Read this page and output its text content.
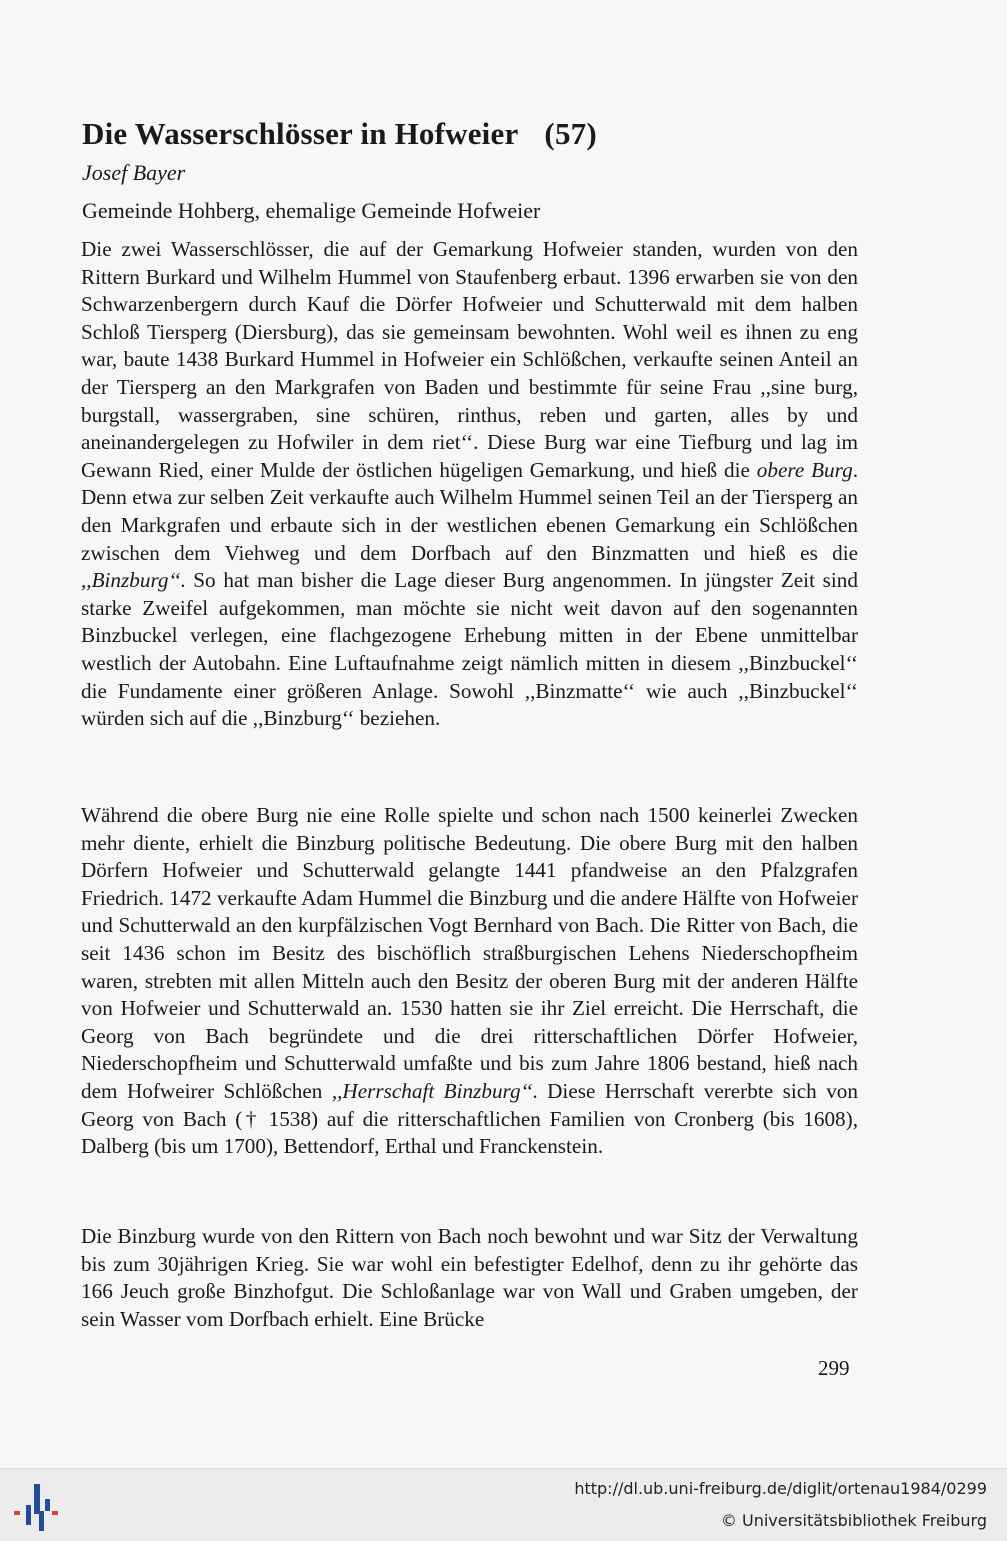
Die Wasserschlösser in Hofweier (57)
Josef Bayer
Gemeinde Hohberg, ehemalige Gemeinde Hofweier

Die zwei Wasserschlösser, die auf der Gemarkung Hofweier standen, wurden von den Rittern Burkard und Wilhelm Hummel von Staufenberg erbaut. 1396 erwarben sie von den Schwarzenbergern durch Kauf die Dörfer Hofweier und Schutterwald mit dem halben Schloß Tiersperg (Diersburg), das sie gemeinsam bewohnten. Wohl weil es ihnen zu eng war, baute 1438 Burkard Hummel in Hofweier ein Schlößchen, verkaufte seinen Anteil an der Tiersperg an den Markgrafen von Baden und bestimmte für seine Frau ,,sine burg, burgstall, wassergraben, sine schüren, rinthus, reben und garten, alles by und aneinandergelegen zu Hofwiler in dem riet‘‘. Diese Burg war eine Tiefburg und lag im Gewann Ried, einer Mulde der östlichen hügeligen Gemarkung, und hieß die obere Burg. Denn etwa zur selben Zeit verkaufte auch Wilhelm Hummel seinen Teil an der Tiersperg an den Markgrafen und erbaute sich in der westlichen ebenen Gemarkung ein Schlößchen zwischen dem Viehweg und dem Dorfbach auf den Binzmatten und hieß es die ,,Binzburg‘‘. So hat man bisher die Lage dieser Burg angenommen. In jüngster Zeit sind starke Zweifel aufgekommen, man möchte sie nicht weit davon auf den sogenannten Binzbuckel verlegen, eine flachgezogene Erhebung mitten in der Ebene unmittelbar westlich der Autobahn. Eine Luftaufnahme zeigt nämlich mitten in diesem ,,Binzbuckel‘‘ die Fundamente einer größeren Anlage. Sowohl ,,Binzmatte‘‘ wie auch ,,Binzbuckel‘‘ würden sich auf die ,,Binzburg‘‘ beziehen.

Während die obere Burg nie eine Rolle spielte und schon nach 1500 keinerlei Zwecken mehr diente, erhielt die Binzburg politische Bedeutung. Die obere Burg mit den halben Dörfern Hofweier und Schutterwald gelangte 1441 pfandweise an den Pfalzgrafen Friedrich. 1472 verkaufte Adam Hummel die Binzburg und die andere Hälfte von Hofweier und Schutterwald an den kurpfälzischen Vogt Bernhard von Bach. Die Ritter von Bach, die seit 1436 schon im Besitz des bischöflich straßburgischen Lehens Niederschopfheim waren, strebten mit allen Mitteln auch den Besitz der oberen Burg mit der anderen Hälfte von Hofweier und Schutterwald an. 1530 hatten sie ihr Ziel erreicht. Die Herrschaft, die Georg von Bach begründete und die drei ritterschaftlichen Dörfer Hofweier, Niederschopfheim und Schutterwald umfaßte und bis zum Jahre 1806 bestand, hieß nach dem Hofweirer Schlößchen ,,Herrschaft Binzburg‘‘. Diese Herrschaft vererbte sich von Georg von Bach († 1538) auf die ritterschaftlichen Familien von Cronberg (bis 1608), Dalberg (bis um 1700), Bettendorf, Erthal und Franckenstein.

Die Binzburg wurde von den Rittern von Bach noch bewohnt und war Sitz der Verwaltung bis zum 30jährigen Krieg. Sie war wohl ein befestigter Edelhof, denn zu ihr gehörte das 166 Jeuch große Binzhofgut. Die Schloßanlage war von Wall und Graben umgeben, der sein Wasser vom Dorfbach erhielt. Eine Brücke

299
http://dl.ub.uni-freiburg.de/diglit/ortenau1984/0299
© Universitätsbibliothek Freiburg
